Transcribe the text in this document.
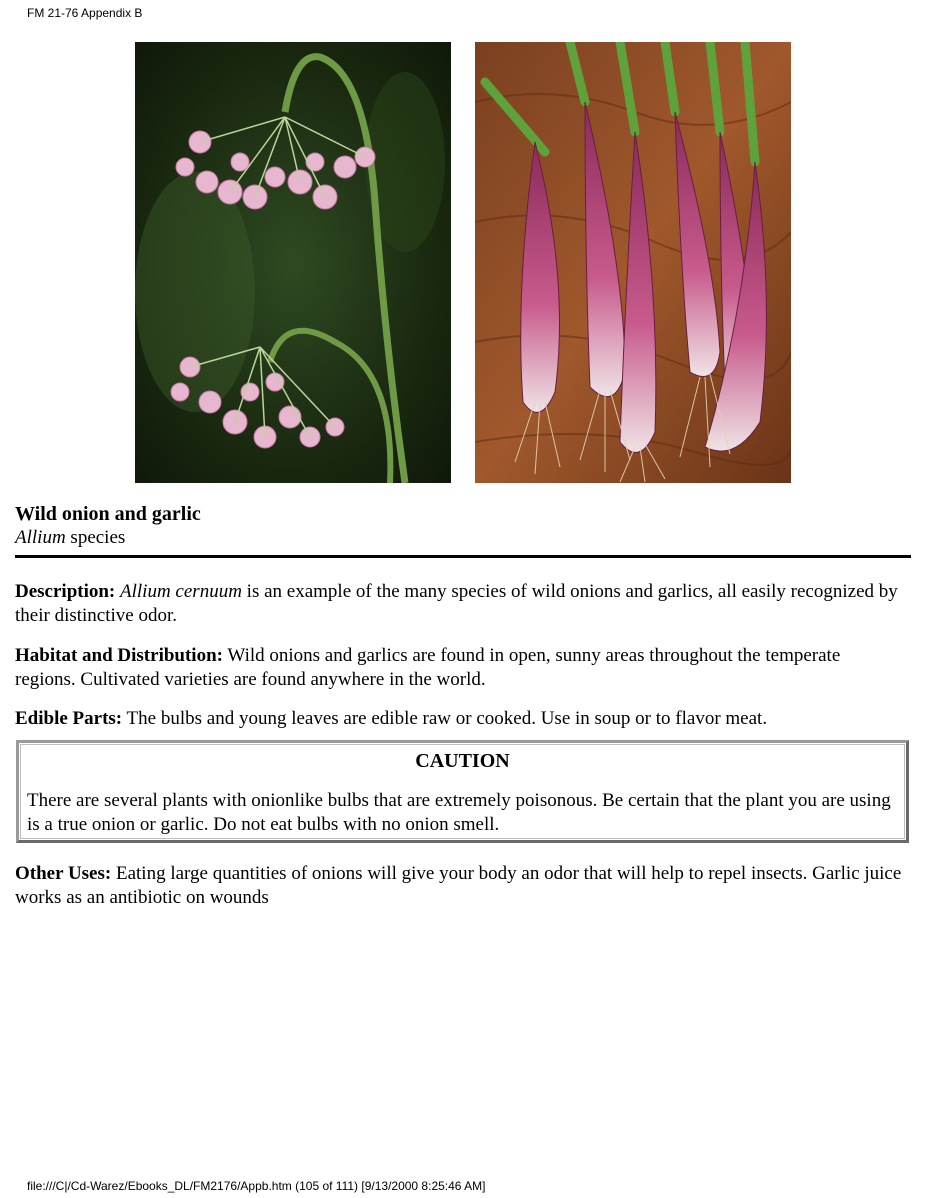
FM 21-76 Appendix B
Wild onion and garlic
Allium species
Description: Allium cernuum is an example of the many species of wild onions and garlics, all easily recognized by their distinctive odor.
Habitat and Distribution: Wild onions and garlics are found in open, sunny areas throughout the temperate regions. Cultivated varieties are found anywhere in the world.
Edible Parts: The bulbs and young leaves are edible raw or cooked. Use in soup or to flavor meat.
CAUTION
There are several plants with onionlike bulbs that are extremely poisonous. Be certain that the plant you are using is a true onion or garlic. Do not eat bulbs with no onion smell.
Other Uses: Eating large quantities of onions will give your body an odor that will help to repel insects. Garlic juice works as an antibiotic on wounds
file:///C|/Cd-Warez/Ebooks_DL/FM2176/Appb.htm (105 of 111) [9/13/2000 8:25:46 AM]
